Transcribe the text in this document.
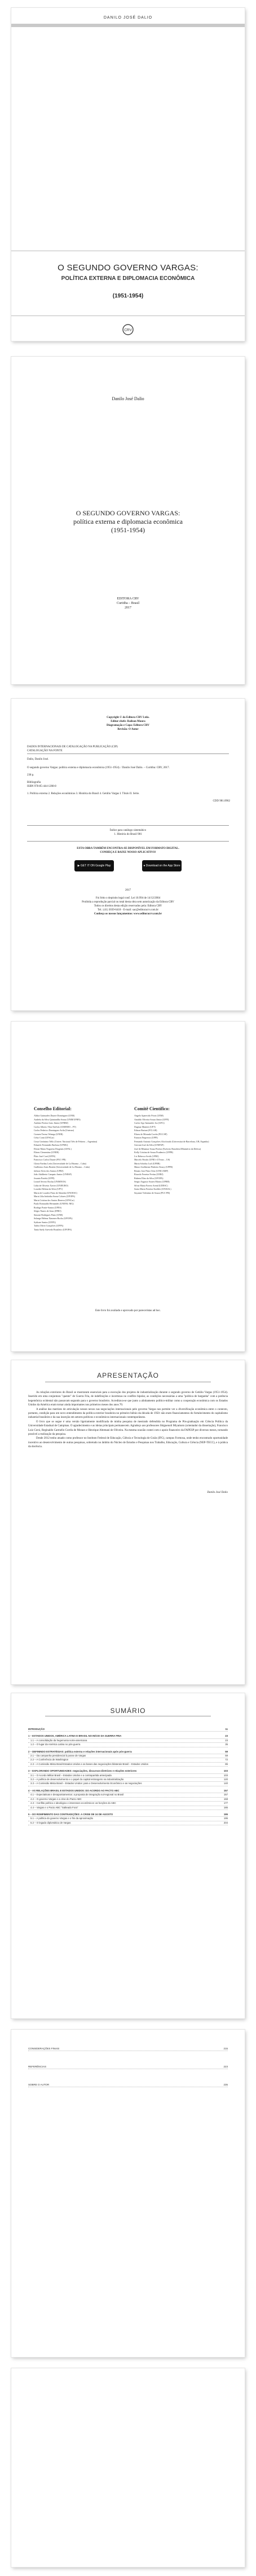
DANILO JOSÉ DALIO
O SEGUNDO GOVERNO VARGAS:
POLÍTICA EXTERNA E DIPLOMACIA ECONÔMICA
(1951-1954)
CRV
Danilo José Dalio
O SEGUNDO GOVERNO VARGAS:
política externa e diplomacia econômica
(1951-1954)
EDITORA CRV
Curitiba – Brasil
2017
Copyright © da Editora CRV Ltda.
Editor-chefe: Railson Moura
Diagramação e Capa: Editora CRV
Revisão: O Autor
DADOS INTERNACIONAIS DE CATALOGAÇÃO NA PUBLICAÇÃO (CIP)
CATALOGAÇÃO NA FONTE
Dalio, Danilo José.
O segundo governo Vargas: política externa e diplomacia econômica (1951-1954). / Danilo José Dalio. – Curitiba: CRV, 2017.
238 p.
Bibliografia
ISBN 978-85-444-1208-8
1. Política externa 2. Relações econômicas 3. História do Brasil 4. Getúlio Vargas I. Título II. Série.
CDD 981.0962
Índice para catálogo sistemático
1. História do Brasil 981
ESTA OBRA TAMBÉM ENCONTRA-SE DISPONÍVEL EM FORMATO DIGITAL.
CONHEÇA E BAIXE NOSSO APLICATIVO!
▶ GET IT ON Google Play	● Download on the App Store
2017
Foi feito o depósito legal conf. Lei 10.994 de 14/12/2004
Proibida a reprodução parcial ou total desta obra sem autorização da Editora CRV
Todos os direitos desta edição reservados pela: Editora CRV
Tel.: (41) 3039-6418 - E-mail: sac@editoracrv.com.br
Conheça os nossos lançamentos: www.editoracrv.com.br
Conselho Editorial:	Comitê Científico:
Aldira Guimarães Duarte Domínguez (UNB)
Andréia da Silva Quintanilha Sousa (UNIR/UFRN)
Antônio Pereira Gaio Júnior (UFRRJ)
Carlos Alberto Vilar Estêvão (UMINHO – PT)
Carlos Federico Dominguez Avila (Unieuro)
Carmen Tereza Velanga (UNIR)
Celso Conti (UFSCar)
Cesar Gerónimo Tello (Univer. Nacional Três de Febrero – Argentina)
Eduardo Fernandes Barbosa (UFMG)
Elione Maria Nogueira Diogenes (UFAL)
Elizeu Clementino (UNEB)
Élsio José Corá (UFFS)
Francisco Carlos Duarte (PUC-PR)
Gloria Fariñas León (Universidade de La Havana – Cuba)
Guillermo Arias Beatón (Universidade de La Havana – Cuba)
Jailson Alves dos Santos (UFRJ)
João Adalberto Campato Junior (UNESP)
Josania Portela (UFPI)
Leonel Severo Rocha (UNISINOS)
Lídia de Oliveira Xavier (UNIEURO)
Lourdes Helena da Silva (UFV)
Maria de Lourdes Pinto de Almeida (UNOESC)
Maria Lília Imbiriba Sousa Colares (UFOPA)
Maria Cristina dos Santos Bezerra (UFSCar)
Paulo Romualdo Hernandes (UNIFAL-MG)
Rodrigo Pratte-Santos (UFES)
Sérgio Nunes de Jesus (IFRO)
Simone Rodrigues Pinto (UNB)
Solange Helena Ximenes-Rocha (UFOPA)
Sydione Santos (UEPG)
Tadeu Oliver Gonçalves (UFPA)
Tania Suely Azevedo Brasileiro (UFOPA)
Angelo Aparecido Priori (UEM)
Arnaldo Oliveira Souza Júnior (UFPI)
Carlos Ugo Santander Joo (UFG)
Dagmar Manieri (UFT)
Edison Bariani (FCLAR)
Elizeu de Miranda Corrêa (PUC/SP)
Fauston Negreiros (UFPI)
Fernando Antonio Gonçalves Alcoforado (Universitat de Barcelona, UB, Espanha)
Giovani José da Silva (UNIFAP)
José de Ribamar Sousa Pereira (Exército Brasileiro/Ministério da Defesa)
Kelly Cristina de Souza Prudencio (UFPR)
Liv Rebecca Sovik (UFRJ)
Marcelo Paixão (UFRJ e UTexas – US)
Maria Schirley Luft (UFRR)
Mauro Guilherme Pinheiro Koury (UFPB)
Renato Jose Pinto Ortiz (UNICAMP)
Ricardo Ferreira Freitas (UERJ)
Rubens Elias da Silva (UFOPA)
Sergio Augusto Soares Mattos (UFRB)
Silvia Maria Favero Arend (UDESC)
Sonia Maria Ferreira Koehler (UNISAL)
Suyanne Tolentino de Souza (PUC-PR)
Este livro foi avaliado e aprovado por pareceristas ad hoc.
APRESENTAÇÃO

As relações exteriores do Brasil se mostraram essenciais para a execução dos projetos de industrialização durante o segundo governo de Getúlio Vargas (1951-1954). Inserido em uma conjuntura "quente" de Guerra Fria, de indefinições e incertezas no conflito bipolar, as condições necessárias a uma "política de barganha" com a potência hegemônica ocidental não passavam segundo para o governo brasileiro. Acreditava-se que junto a alinhamento político-militar como a cooperação econômica com os Estados Unidos da América eram tornar ainda importantes nos primeiros meses dos anos 70.

A análise das matrizes de articulação nesses nexos nas negociações internacionais pelo governo Vargas nos permite ver a diversificação econômica entre o contexto, portanto, condição para um novo entendimento da política exterior brasileira no primeiro biênio da década de 1950: não eram financiamentos do fortalecimento do capitalismo industrial brasileiro e da sua inserção em setores políticos e econômicos internacionais contemporâneos.

O livro que se segue é uma versão ligeiramente modificada de minha pesquisa de mestrado defendida no Programa de Pós-graduação em Ciência Política da Universidade Estadual de Campinas. O agradecimento e as ideias principais permanecem. Agradeço aos professores Shiguenoli Miyamoto (orientador da dissertação), Francisco Luiz Corsi, Reginaldo Carmello Corrêa de Moraes e Henrique Altemani de Oliveira. Na mesma ocasião contei com o apoio financeiro da FAPESP por diversos meses, tornando possível a realização da pesquisa.

Desde 2012 tenho atuado como professor no Instituto Federal de Educação, Ciência e Tecnologia de Goiás (IFG), campus Formosa, onde tenho encontrado oportunidade incentivo ao desenvolvimento de outras pesquisas, sobretudo no âmbito do Núcleo de Estudos e Pesquisas nos Trabalho, Educação, Cultura e Ciência (NEP-TECC), e à prática da docência.

Danilo José Dalio
SUMÁRIO
INTRODUÇÃO	11
1 – ESTADOS UNIDOS, AMÉRICA LATINA E BRASIL NO INÍCIO DA GUERRA FRIA	23
1.1 – A consolidação da hegemonia norte-americana	23
1.2 – O lugar da América Latina no pós-guerra	35
2 – DEFININDO ESTRATÉGIAS: política externa e relações internacionais após pós-guerra	59
2.1 – Da campanha presidencial à posse de Vargas	59
2.2 – A Conferência de Washington	72
2.3 – A Comissão Mista Brasil-Estados Unidos e as bases das negociações bilaterais Brasil – Estados Unidos	86
3 – EXPLORANDO OPORTUNIDADES: negociações, discursos-diretrizes e relações exteriores	103
3.1 – O Acordo Militar Brasil – Estados Unidos e a contrapartida antecipada	103
3.2 – A política de desenvolvimento e o papel do capital estrangeiro na industrialização	120
3.3 – A Comissão Mista Brasil – Estados Unidos: para o Desenvolvimento Econômico e as negociações	140
4 – AS RELAÇÕES BRASIL E ESTADOS UNIDOS: DO ACORDO AO PACTO ABC	157
4.1 – Expectativas e desapontamentos: a proposta de integração sul-regional no Brasil	157
4.2 – O governo Vargas e a crise do Pacto ABC	168
4.3 – Conflito político e ideológico e interesses econômicos: as funções do ABC	177
4.4 – Vargas e o Pacto ABC "Salteado Fora"	185
5 – DO ROMPIMENTO DAS CONTRADIÇÕES: A CRISE DE 24 DE AGOSTO	195
5.1 – A política do governo Vargas e o fim da aproximação	195
5.2 – O legado diplomático de Vargas	204
CONSIDERAÇÕES FINAIS	215
REFERÊNCIAS	223
SOBRE O AUTOR	235
